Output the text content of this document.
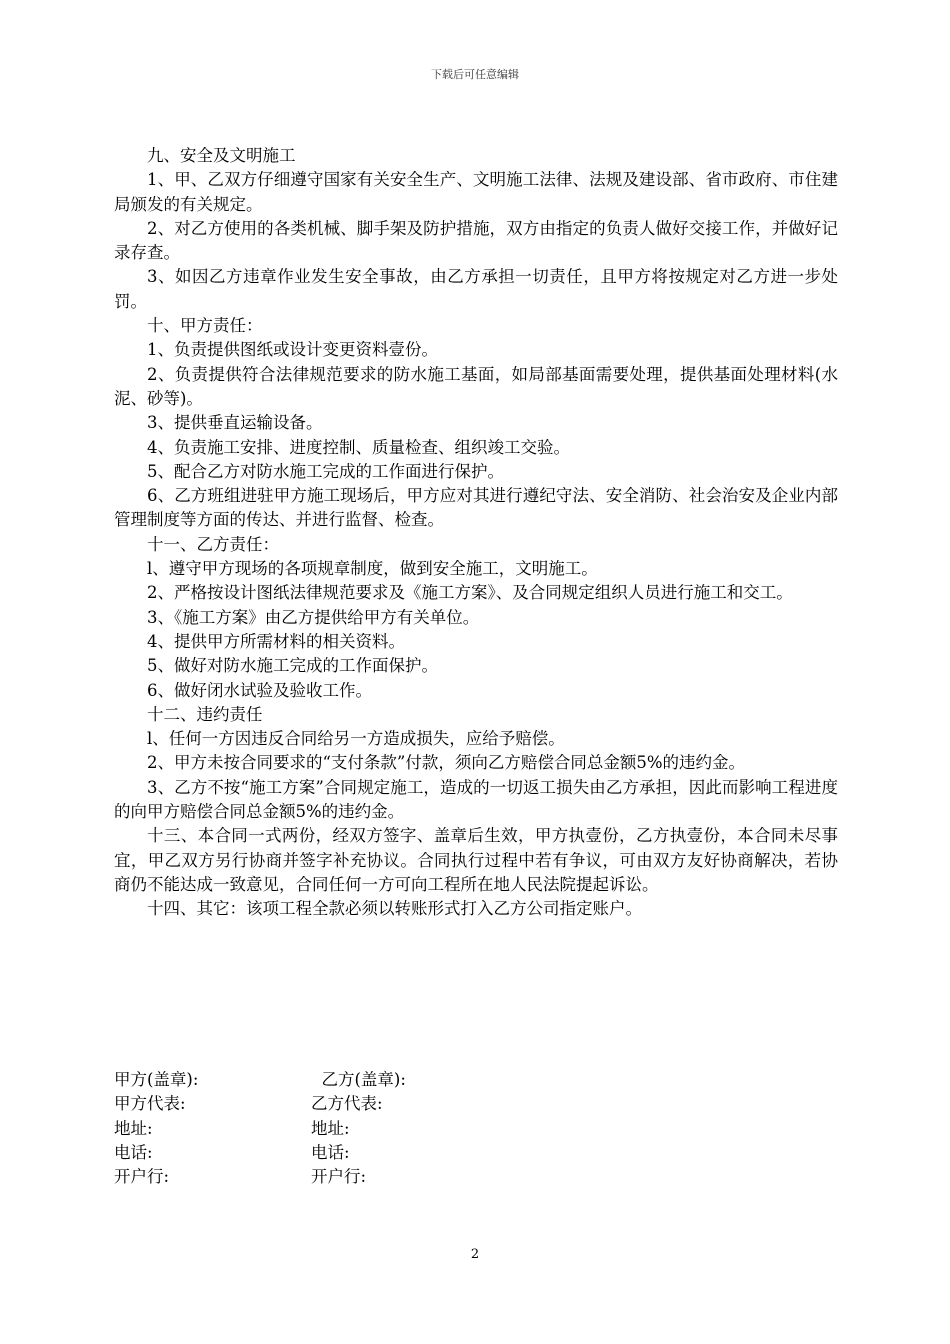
下载后可任意编辑

九、安全及文明施工

1、甲、乙双方仔细遵守国家有关安全生产、文明施工法律、法规及建设部、省市政府、市住建局颁发的有关规定。

2、对乙方使用的各类机械、脚手架及防护措施，双方由指定的负责人做好交接工作，并做好记录存查。

3、如因乙方违章作业发生安全事故，由乙方承担一切责任，且甲方将按规定对乙方进一步处罚。

十、甲方责任：

1、负责提供图纸或设计变更资料壹份。

2、负责提供符合法律规范要求的防水施工基面，如局部基面需要处理，提供基面处理材料(水泥、砂等)。

3、提供垂直运输设备。

4、负责施工安排、进度控制、质量检查、组织竣工交验。

5、配合乙方对防水施工完成的工作面进行保护。

6、乙方班组进驻甲方施工现场后，甲方应对其进行遵纪守法、安全消防、社会治安及企业内部管理制度等方面的传达、并进行监督、检查。

十一、乙方责任：

l、遵守甲方现场的各项规章制度，做到安全施工，文明施工。

2、严格按设计图纸法律规范要求及《施工方案》、及合同规定组织人员进行施工和交工。

3、《施工方案》由乙方提供给甲方有关单位。

4、提供甲方所需材料的相关资料。

5、做好对防水施工完成的工作面保护。

6、做好闭水试验及验收工作。

十二、违约责任

l、任何一方因违反合同给另一方造成损失，应给予赔偿。

2、甲方未按合同要求的“支付条款”付款，须向乙方赔偿合同总金额5%的违约金。

3、乙方不按“施工方案”合同规定施工，造成的一切返工损失由乙方承担，因此而影响工程进度的向甲方赔偿合同总金额5%的违约金。

十三、本合同一式两份，经双方签字、盖章后生效，甲方执壹份，乙方执壹份，本合同未尽事宜，甲乙双方另行协商并签字补充协议。合同执行过程中若有争议，可由双方友好协商解决，若协商仍不能达成一致意见，合同任何一方可向工程所在地人民法院提起诉讼。

十四、其它：该项工程全款必须以转账形式打入乙方公司指定账户。

甲方(盖章):	乙方(盖章):
甲方代表:	乙方代表:
地址:	地址:
电话:	电话:
开户行:	开户行:
2
